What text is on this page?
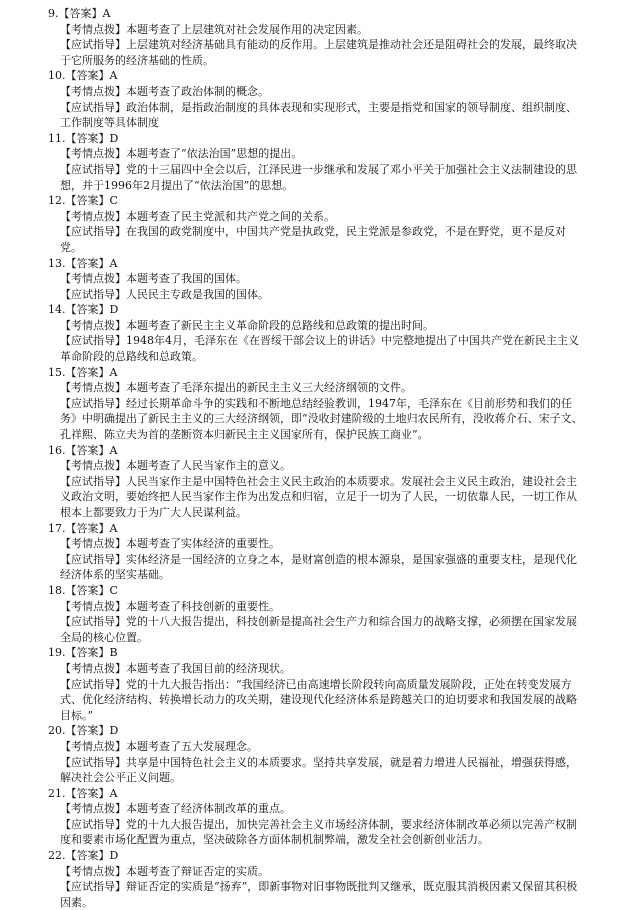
9.【答案】A
【考情点拨】本题考查了上层建筑对社会发展作用的决定因素。
【应试指导】上层建筑对经济基础具有能动的反作用。上层建筑是推动社会还是阻碍社会的发展，最终取决于它所服务的经济基础的性质。
10.【答案】A
【考情点拨】本题考查了政治体制的概念。
【应试指导】政治体制，是指政治制度的具体表现和实现形式，主要是指党和国家的领导制度、组织制度、工作制度等具体制度
11.【答案】D
【考情点拨】本题考查了“依法治国”思想的提出。
【应试指导】党的十三届四中全会以后，江泽民进一步继承和发展了邓小平关于加强社会主义法制建设的思想，并于1996年2月提出了“依法治国”的思想。
12.【答案】C
【考情点拨】本题考查了民主党派和共产党之间的关系。
【应试指导】在我国的政党制度中，中国共产党是执政党，民主党派是参政党，不是在野党，更不是反对党。
13.【答案】A
【考情点拨】本题考查了我国的国体。
【应试指导】人民民主专政是我国的国体。
14.【答案】D
【考情点拨】本题考查了新民主主义革命阶段的总路线和总政策的提出时间。
【应试指导】1948年4月，毛泽东在《在晋绥干部会议上的讲话》中完整地提出了中国共产党在新民主主义革命阶段的总路线和总政策。
15.【答案】A
【考情点拨】本题考查了毛泽东提出的新民主主义三大经济纲领的文件。
【应试指导】经过长期革命斗争的实践和不断地总结经验教训，1947年，毛泽东在《目前形势和我们的任务》中明确提出了新民主主义的三大经济纲领，即“没收封建阶级的土地归农民所有，没收蒋介石、宋子文、孔祥熙、陈立夫为首的垄断资本归新民主主义国家所有，保护民族工商业”。
16.【答案】A
【考情点拨】本题考查了人民当家作主的意义。
【应试指导】人民当家作主是中国特色社会主义民主政治的本质要求。发展社会主义民主政治，建设社会主义政治文明，要始终把人民当家作主作为出发点和归宿，立足于一切为了人民，一切依靠人民，一切工作从根本上都要致力于为广大人民谋利益。
17.【答案】A
【考情点拨】本题考查了实体经济的重要性。
【应试指导】实体经济是一国经济的立身之本，是财富创造的根本源泉，是国家强盛的重要支柱，是现代化经济体系的坚实基础。
18.【答案】C
【考情点拨】本题考查了科技创新的重要性。
【应试指导】党的十八大报告提出，科技创新是提高社会生产力和综合国力的战略支撑，必须摆在国家发展全局的核心位置。
19.【答案】B
【考情点拨】本题考查了我国目前的经济现状。
【应试指导】党的十九大报告指出：“我国经济已由高速增长阶段转向高质量发展阶段，正处在转变发展方式、优化经济结构、转换增长动力的攻关期，建设现代化经济体系是跨越关口的迫切要求和我国发展的战略目标。”
20.【答案】D
【考情点拨】本题考查了五大发展理念。
【应试指导】共享是中国特色社会主义的本质要求。坚持共享发展，就是着力增进人民福祉，增强获得感，解决社会公平正义问题。
21.【答案】A
【考情点拨】本题考查了经济体制改革的重点。
【应试指导】党的十九大报告提出，加快完善社会主义市场经济体制，要求经济体制改革必须以完善产权制度和要素市场化配置为重点，坚决破除各方面体制机制弊端，激发全社会创新创业活力。
22.【答案】D
【考情点拨】本题考查了辩证否定的实质。
【应试指导】辩证否定的实质是“扬弃”，即新事物对旧事物既批判又继承，既克服其消极因素又保留其积极因素。
